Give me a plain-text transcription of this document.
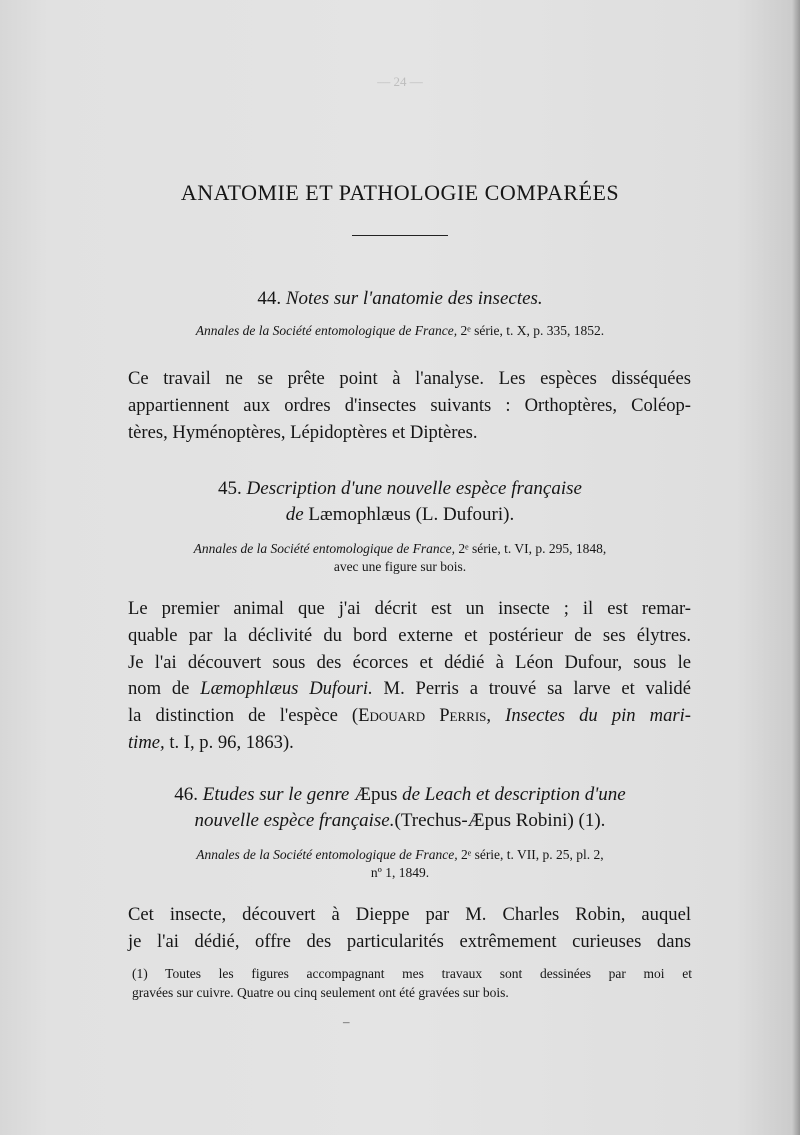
— 24 —
ANATOMIE ET PATHOLOGIE COMPARÉES
44. Notes sur l'anatomie des insectes.
Annales de la Société entomologique de France, 2ᵉ série, t. X, p. 335, 1852.
Ce travail ne se prête point à l'analyse. Les espèces disséquées
appartiennent aux ordres d'insectes suivants : Orthoptères, Coléop-
tères, Hyménoptères, Lépidoptères et Diptères.
45. Description d'une nouvelle espèce française
de Læmophlæus (L. Dufouri).
Annales de la Société entomologique de France, 2ᵉ série, t. VI, p. 295, 1848,
avec une figure sur bois.
Le premier animal que j'ai décrit est un insecte ; il est remar-
quable par la déclivité du bord externe et postérieur de ses élytres.
Je l'ai découvert sous des écorces et dédié à Léon Dufour, sous le
nom de Læmophlæus Dufouri. M. Perris a trouvé sa larve et validé
la distinction de l'espèce (Edouard Perris, Insectes du pin mari-
time, t. I, p. 96, 1863).
46. Etudes sur le genre Æpus de Leach et description d'une
nouvelle espèce française.(Trechus-Æpus Robini) (1).
Annales de la Société entomologique de France, 2ᵉ série, t. VII, p. 25, pl. 2,
nº 1, 1849.
Cet insecte, découvert à Dieppe par M. Charles Robin, auquel
je l'ai dédié, offre des particularités extrêmement curieuses dans
(1) Toutes les figures accompagnant mes travaux sont dessinées par moi et
gravées sur cuivre. Quatre ou cinq seulement ont été gravées sur bois.
–
